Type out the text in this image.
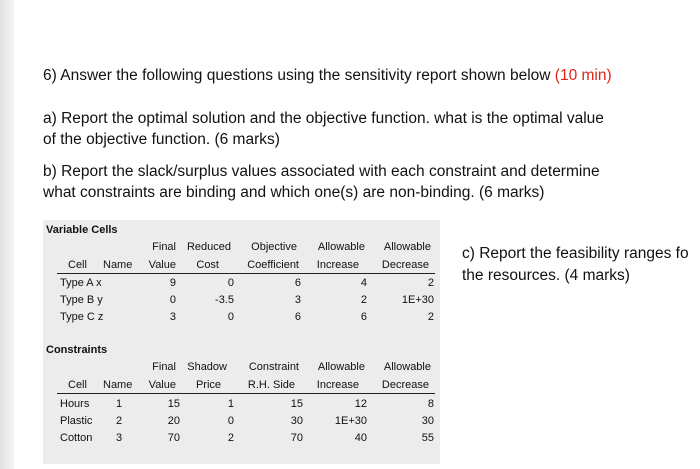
6) Answer the following questions using the sensitivity report shown below (10 min)
a) Report the optimal solution and the objective function. what is the optimal value
of the objective function. (6 marks)
b) Report the slack/surplus values associated with each constraint and determine
what constraints are binding and which one(s) are non-binding. (6 marks)
c) Report the feasibility ranges fo
the resources. (4 marks)
Variable Cells
Final Reduced	Objective	Allowable	Allowable
Cell Name	Value	Cost	Coefficient	Increase	Decrease
Type A x	9	0	6	4	2
Type B y	0	-3.5	3	2	1E+30
Type C z	3	0	6	6	2
Constraints
Final	Shadow	Constraint	Allowable	Allowable
Cell Name	Value	Price	R.H. Side	Increase	Decrease
Hours 1	15	1	15	12	8
Plastic 2	20	0	30	1E+30	30
Cotton 3	70	2	70	40	55
